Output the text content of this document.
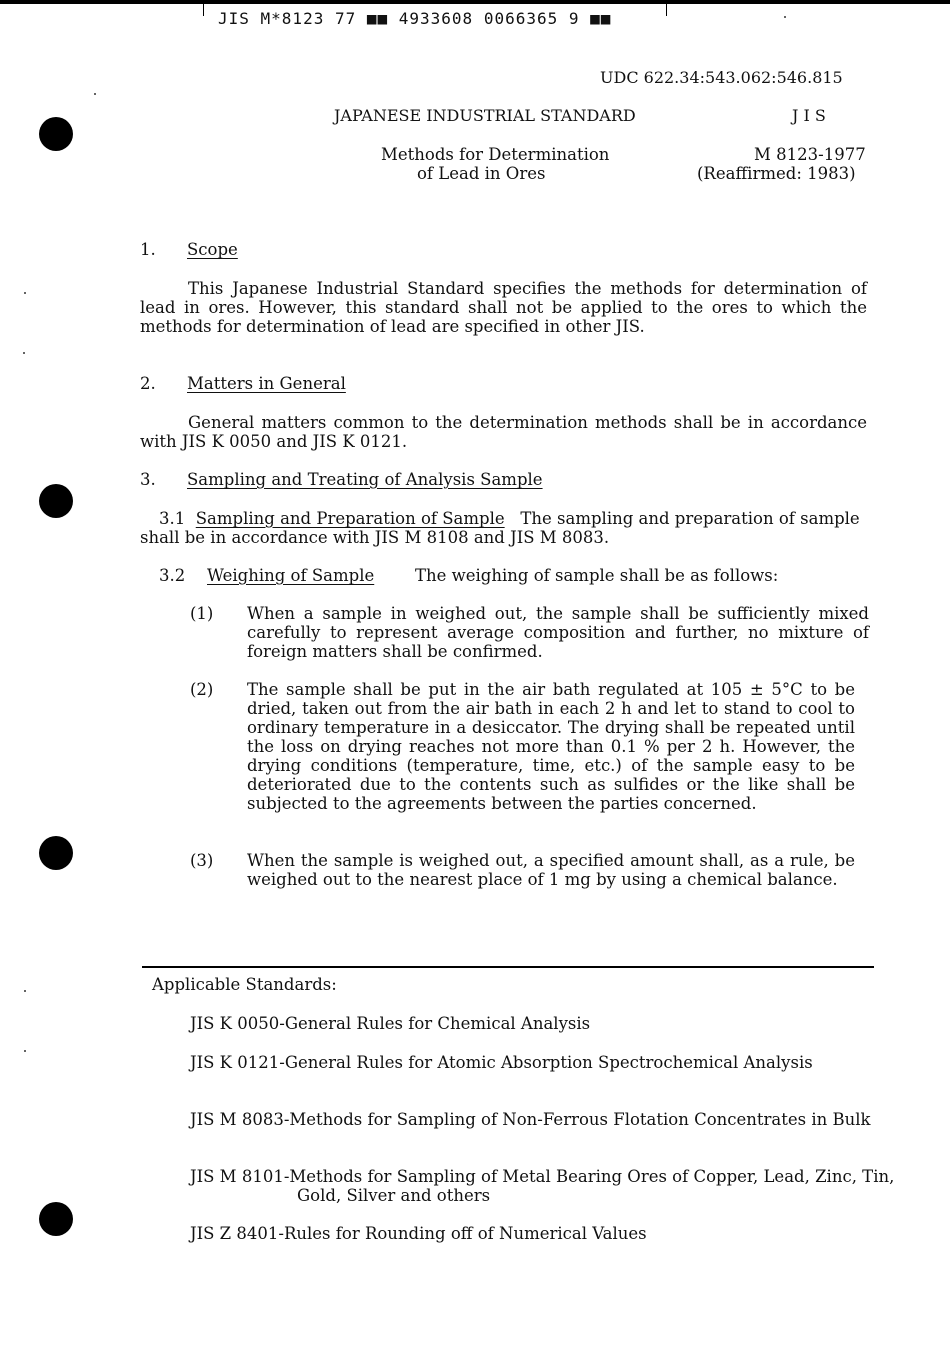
JIS M*8123 77 ■■ 4933608 0066365 9 ■■
UDC 622.34:543.062:546.815
JAPANESE INDUSTRIAL STANDARD	J I S
Methods for Determination
of Lead in Ores
M 8123-1977
(Reaffirmed: 1983)
1. Scope
This Japanese Industrial Standard specifies the methods for determination of lead in ores. However, this standard shall not be applied to the ores to which the methods for determination of lead are specified in other JIS.
2. Matters in General
General matters common to the determination methods shall be in accordance with JIS K 0050 and JIS K 0121.
3. Sampling and Treating of Analysis Sample
3.1 Sampling and Preparation of Sample The sampling and preparation of sample shall be in accordance with JIS M 8108 and JIS M 8083.
3.2 Weighing of Sample The weighing of sample shall be as follows:
(1) When a sample in weighed out, the sample shall be sufficiently mixed carefully to represent average composition and further, no mixture of foreign matters shall be confirmed.
(2) The sample shall be put in the air bath regulated at 105 ± 5°C to be dried, taken out from the air bath in each 2 h and let to stand to cool to ordinary temperature in a desiccator. The drying shall be repeated until the loss on drying reaches not more than 0.1 % per 2 h. However, the drying conditions (temperature, time, etc.) of the sample easy to be deteriorated due to the contents such as sulfides or the like shall be subjected to the agreements between the parties concerned.
(3) When the sample is weighed out, a specified amount shall, as a rule, be weighed out to the nearest place of 1 mg by using a chemical balance.
Applicable Standards:
JIS K 0050-General Rules for Chemical Analysis
JIS K 0121-General Rules for Atomic Absorption Spectrochemical Analysis
JIS M 8083-Methods for Sampling of Non-Ferrous Flotation Concentrates in Bulk
JIS M 8101-Methods for Sampling of Metal Bearing Ores of Copper, Lead, Zinc, Tin, Gold, Silver and others
JIS Z 8401-Rules for Rounding off of Numerical Values
